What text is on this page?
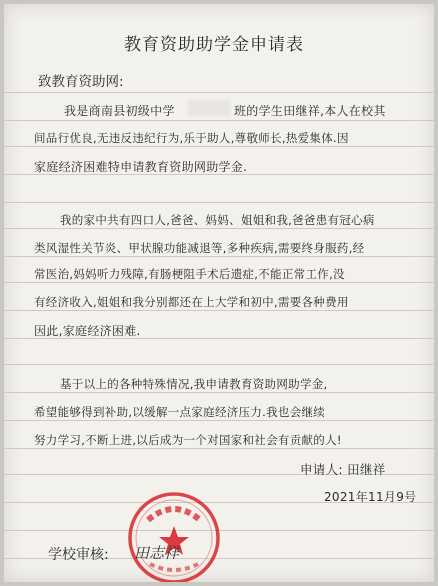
教育资助助学金申请表
致教育资助网:
我是商南县初级中学	班的学生田继祥,本人在校其
间品行优良,无违反违纪行为,乐于助人,尊敬师长,热爱集体.因
家庭经济困难特申请教育资助网助学金.
我的家中共有四口人,爸爸、妈妈、姐姐和我,爸爸患有冠心病
类风湿性关节炎、甲状腺功能减退等,多种疾病,需要终身服药,经
常医治,妈妈听力残障,有肠梗阻手术后遗症,不能正常工作,没
有经济收入,姐姐和我分别都还在上大学和初中,需要各种费用
因此,家庭经济困难.
基于以上的各种特殊情况,我申请教育资助网助学金,
希望能够得到补助,以缓解一点家庭经济压力.我也会继续
努力学习,不断上进,以后成为一个对国家和社会有贡献的人!
申请人: 田继祥
2021年11月9号
学校审核: 田志祥
